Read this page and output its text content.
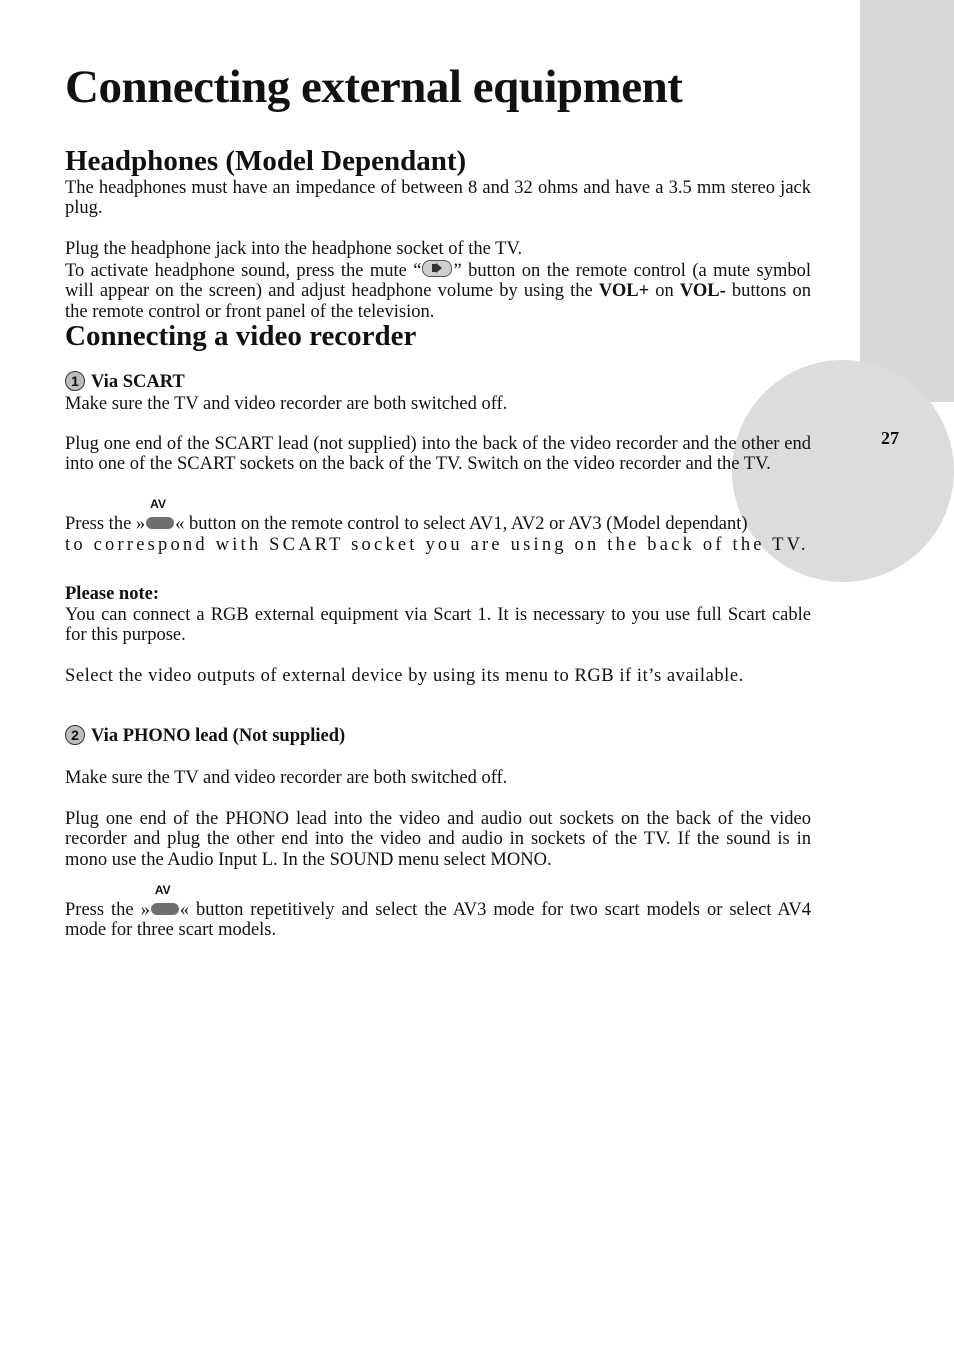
27
Connecting external equipment
Headphones (Model Dependant)

The headphones must have an impedance of between 8 and 32 ohms and have a 3.5 mm stereo jack plug.

Plug the headphone jack into the headphone socket of the TV.

To activate headphone sound, press the mute “ ” button on the remote control (a mute symbol will appear on the screen) and adjust headphone volume by using the VOL+ on VOL- buttons on the remote control or front panel of the television.

Connecting a video recorder
1 Via SCART

Make sure the TV and video recorder are both switched off.

Plug one end of the SCART lead (not supplied) into the back of the video recorder and the other end into one of the SCART sockets on the back of the TV. Switch on the video recorder and the TV.

Press the »
AV
« button on the remote control to select AV1, AV2 or AV3 (Model dependant)

to correspond with SCART socket you are using on the back of the TV.

Please note:

You can connect a RGB external equipment via Scart 1. It is necessary to you use full Scart cable for this purpose.

Select the video outputs of external device by using its menu to RGB if it’s available.

2 Via PHONO lead (Not supplied)

Make sure the TV and video recorder are both switched off.

Plug one end of the PHONO lead into the video and audio out sockets on the back of the video recorder and plug the other end into the video and audio in sockets of the TV. If the sound is in mono use the Audio Input L. In the SOUND menu select MONO.

Press the »
AV
« button repetitively and select the AV3 mode for two scart models or select AV4 mode for three scart models.
